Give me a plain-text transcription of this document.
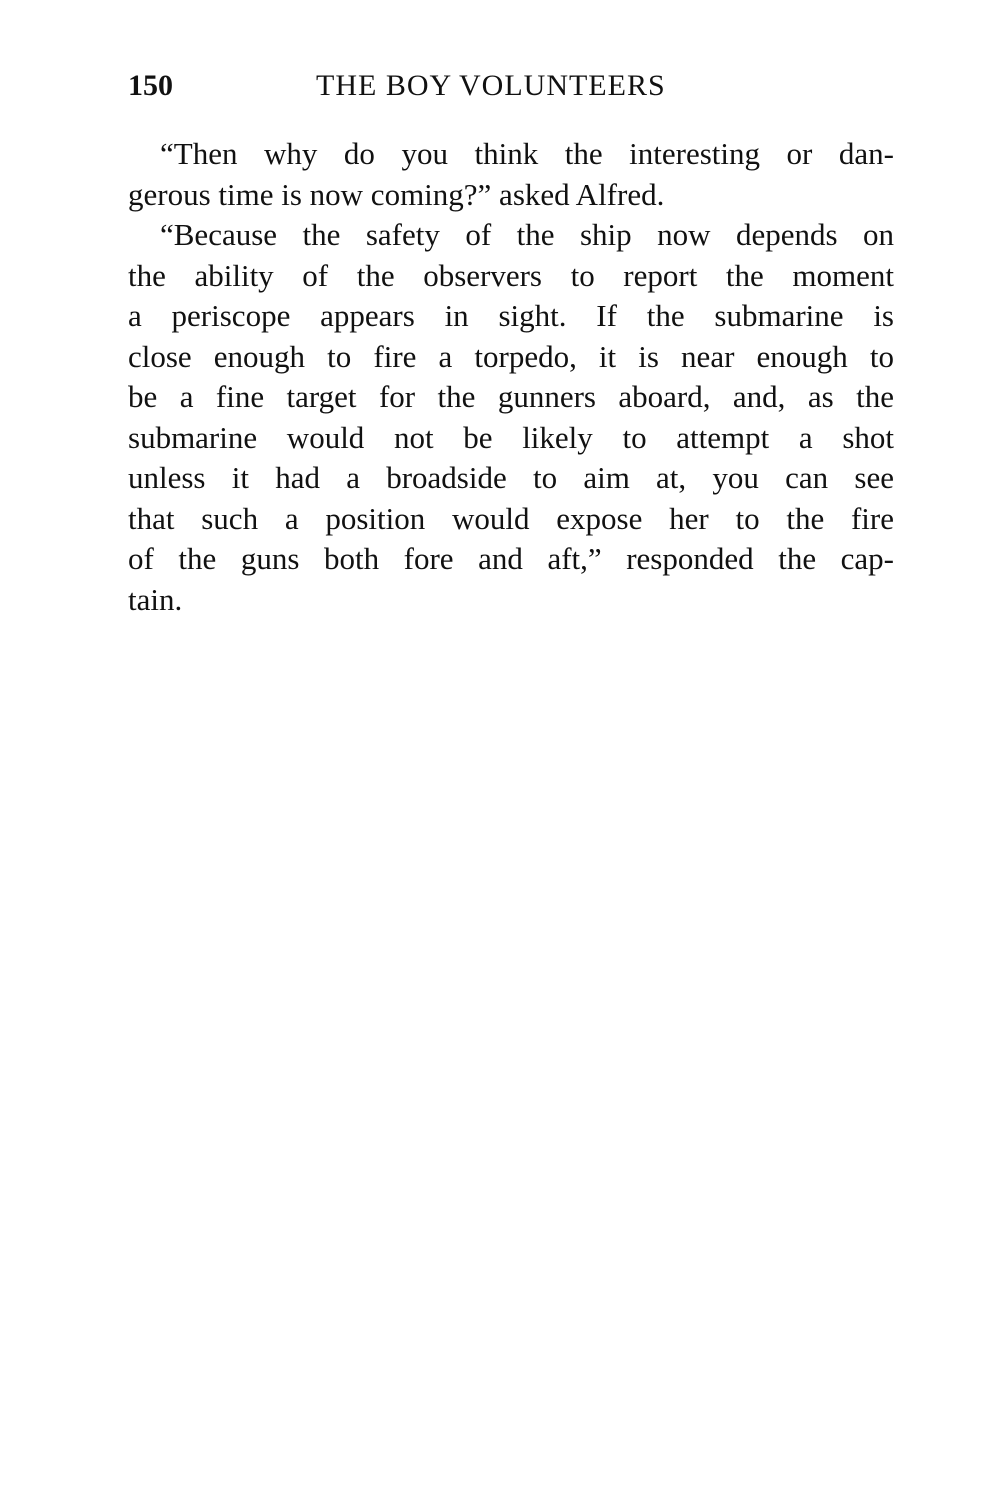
150	THE BOY VOLUNTEERS
“Then why do you think the interesting or dan-
gerous time is now coming?” asked Alfred.
“Because the safety of the ship now depends on
the ability of the observers to report the moment
a periscope appears in sight. If the submarine is
close enough to fire a torpedo, it is near enough to
be a fine target for the gunners aboard, and, as the
submarine would not be likely to attempt a shot
unless it had a broadside to aim at, you can see
that such a position would expose her to the fire
of the guns both fore and aft,” responded the cap-
tain.
